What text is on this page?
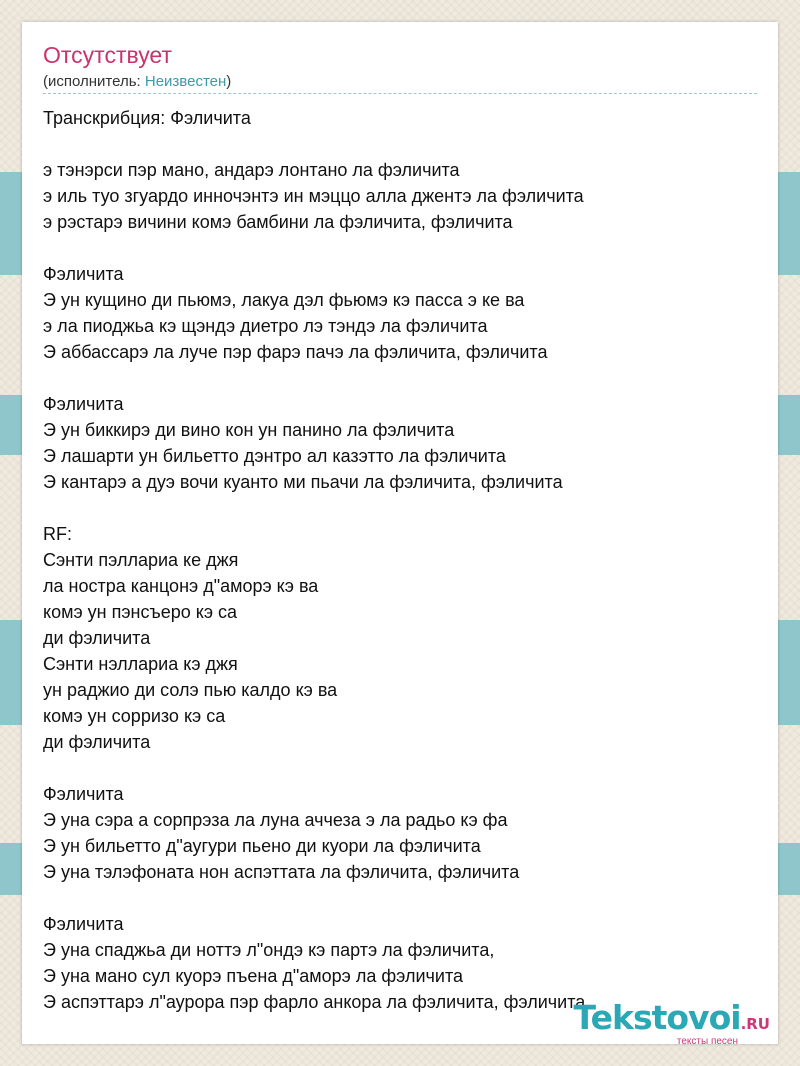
Отсутствует
(исполнитель: Неизвестен)
Транскрибция: Фэличита
э тэнэрси пэр мано, андарэ лонтано ла фэличита
э иль туо згуардо инночэнтэ ин мэццо алла джентэ ла фэличита
э рэстарэ вичини комэ бамбини ла фэличита, фэличита
Фэличита
Э ун кущино ди пьюмэ, лакуа дэл фьюмэ кэ пасса э ке ва
э ла пиоджьа кэ щэндэ диетро лэ тэндэ ла фэличита
Э аббассарэ ла луче пэр фарэ пачэ ла фэличита, фэличита
Фэличита
Э ун биккирэ ди вино кон ун панино ла фэличита
Э лашарти ун бильетто дэнтро ал казэтто ла фэличита
Э кантарэ а дуэ вочи куанто ми пьачи ла фэличита, фэличита
RF:
Сэнти пэллариа ке джя
ла ностра канцонэ д"аморэ кэ ва
комэ ун пэнсъеро кэ са
ди фэличита
Сэнти нэллариа кэ джя
ун раджио ди солэ пью калдо кэ ва
комэ ун сорризо кэ са
ди фэличита
Фэличита
Э уна сэра а сорпрэза ла луна аччеза э ла радьо кэ фа
Э ун бильетто д"аугури пьено ди куори ла фэличита
Э уна тэлэфоната нон аспэттата ла фэличита, фэличита
Фэличита
Э уна спаджьа ди ноттэ л"ондэ кэ партэ ла фэличита,
Э уна мано сул куорэ пъена д"аморэ ла фэличита
Э аспэттарэ л"аурора пэр фарло анкора ла фэличита, фэличита
Tekstovoi.RU
тексты песен
